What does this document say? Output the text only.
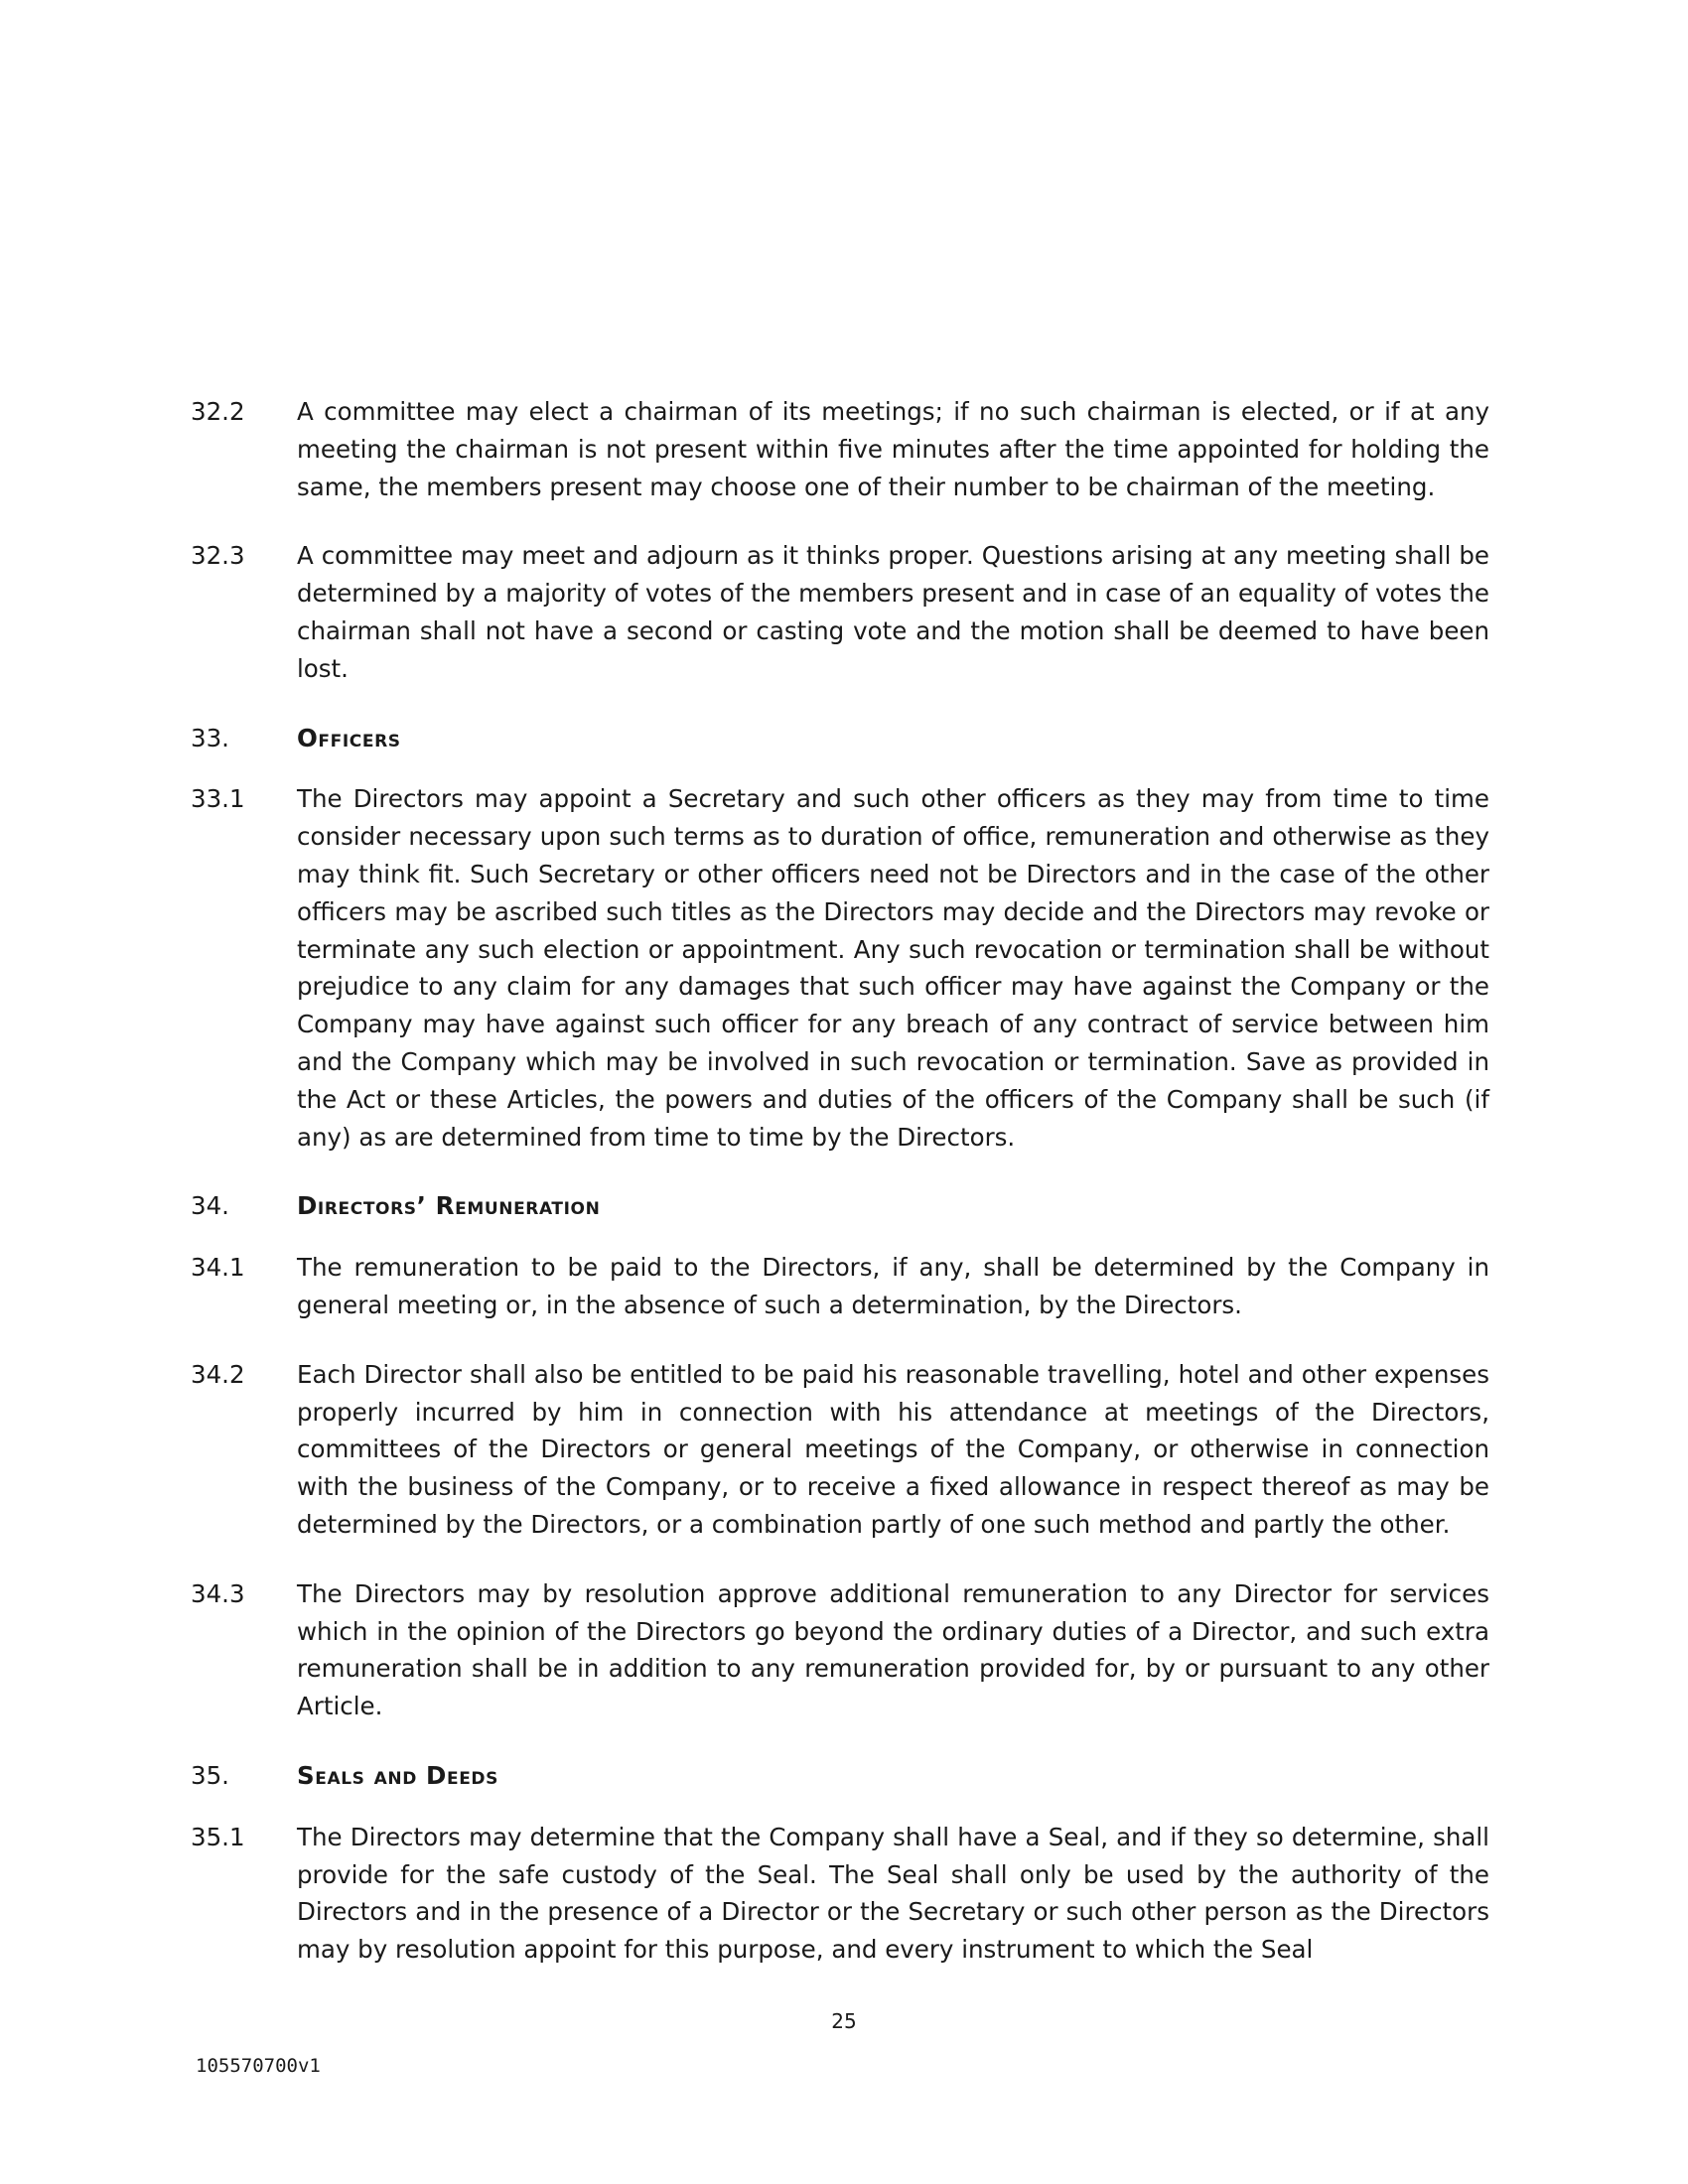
32.2	A committee may elect a chairman of its meetings; if no such chairman is elected, or if at any meeting the chairman is not present within five minutes after the time appointed for holding the same, the members present may choose one of their number to be chairman of the meeting.
32.3	A committee may meet and adjourn as it thinks proper. Questions arising at any meeting shall be determined by a majority of votes of the members present and in case of an equality of votes the chairman shall not have a second or casting vote and the motion shall be deemed to have been lost.
33.	Officers
33.1	The Directors may appoint a Secretary and such other officers as they may from time to time consider necessary upon such terms as to duration of office, remuneration and otherwise as they may think fit. Such Secretary or other officers need not be Directors and in the case of the other officers may be ascribed such titles as the Directors may decide and the Directors may revoke or terminate any such election or appointment. Any such revocation or termination shall be without prejudice to any claim for any damages that such officer may have against the Company or the Company may have against such officer for any breach of any contract of service between him and the Company which may be involved in such revocation or termination. Save as provided in the Act or these Articles, the powers and duties of the officers of the Company shall be such (if any) as are determined from time to time by the Directors.
34.	Directors’ Remuneration
34.1	The remuneration to be paid to the Directors, if any, shall be determined by the Company in general meeting or, in the absence of such a determination, by the Directors.
34.2	Each Director shall also be entitled to be paid his reasonable travelling, hotel and other expenses properly incurred by him in connection with his attendance at meetings of the Directors, committees of the Directors or general meetings of the Company, or otherwise in connection with the business of the Company, or to receive a fixed allowance in respect thereof as may be determined by the Directors, or a combination partly of one such method and partly the other.
34.3	The Directors may by resolution approve additional remuneration to any Director for services which in the opinion of the Directors go beyond the ordinary duties of a Director, and such extra remuneration shall be in addition to any remuneration provided for, by or pursuant to any other Article.
35.	Seals and Deeds
35.1	The Directors may determine that the Company shall have a Seal, and if they so determine, shall provide for the safe custody of the Seal. The Seal shall only be used by the authority of the Directors and in the presence of a Director or the Secretary or such other person as the Directors may by resolution appoint for this purpose, and every instrument to which the Seal
25
105570700v1
